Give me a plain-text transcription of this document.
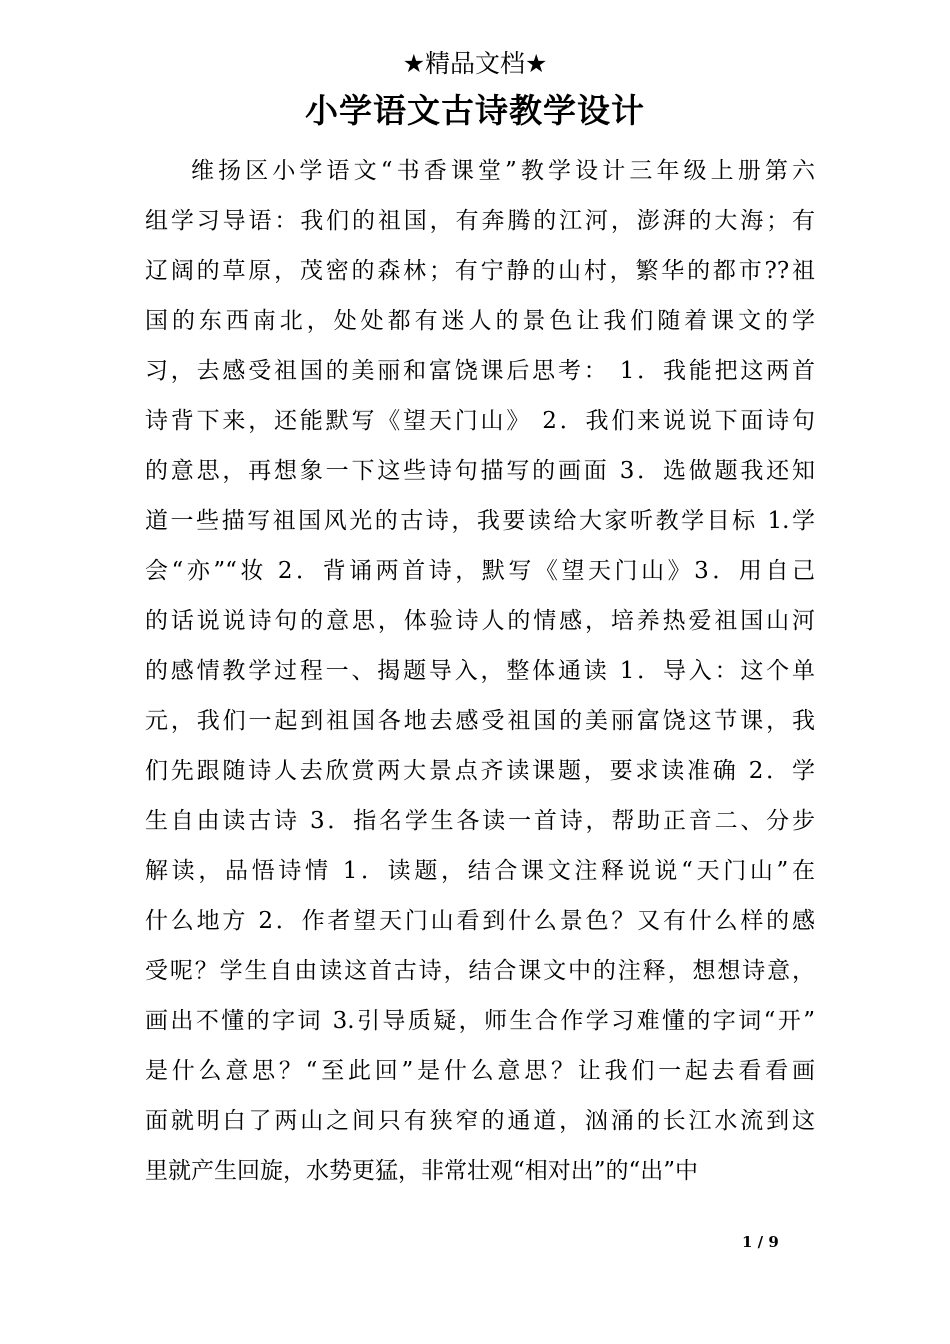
★精品文档★
小学语文古诗教学设计
维扬区小学语文“书香课堂”教学设计三年级上册第六
组学习导语：我们的祖国，有奔腾的江河，澎湃的大海；有
辽阔的草原，茂密的森林；有宁静的山村，繁华的都市??祖
国的东西南北，处处都有迷人的景色让我们随着课文的学
习，去感受祖国的美丽和富饶课后思考： 1．我能把这两首
诗背下来，还能默写《望天门山》 2．我们来说说下面诗句
的意思，再想象一下这些诗句描写的画面 3．选做题我还知
道一些描写祖国风光的古诗，我要读给大家听教学目标 1.学
会“亦”“妆 2．背诵两首诗，默写《望天门山》3．用自己
的话说说诗句的意思，体验诗人的情感，培养热爱祖国山河
的感情教学过程一、揭题导入，整体通读 1．导入：这个单
元，我们一起到祖国各地去感受祖国的美丽富饶这节课，我
们先跟随诗人去欣赏两大景点齐读课题，要求读准确 2．学
生自由读古诗 3．指名学生各读一首诗，帮助正音二、分步
解读，品悟诗情 1．读题，结合课文注释说说“天门山”在
什么地方 2．作者望天门山看到什么景色？又有什么样的感
受呢？学生自由读这首古诗，结合课文中的注释，想想诗意，
画出不懂的字词 3.引导质疑，师生合作学习难懂的字词“开”
是什么意思？“至此回”是什么意思？让我们一起去看看画
面就明白了两山之间只有狭窄的通道，汹涌的长江水流到这
里就产生回旋，水势更猛，非常壮观“相对出”的“出”中
1 / 9
